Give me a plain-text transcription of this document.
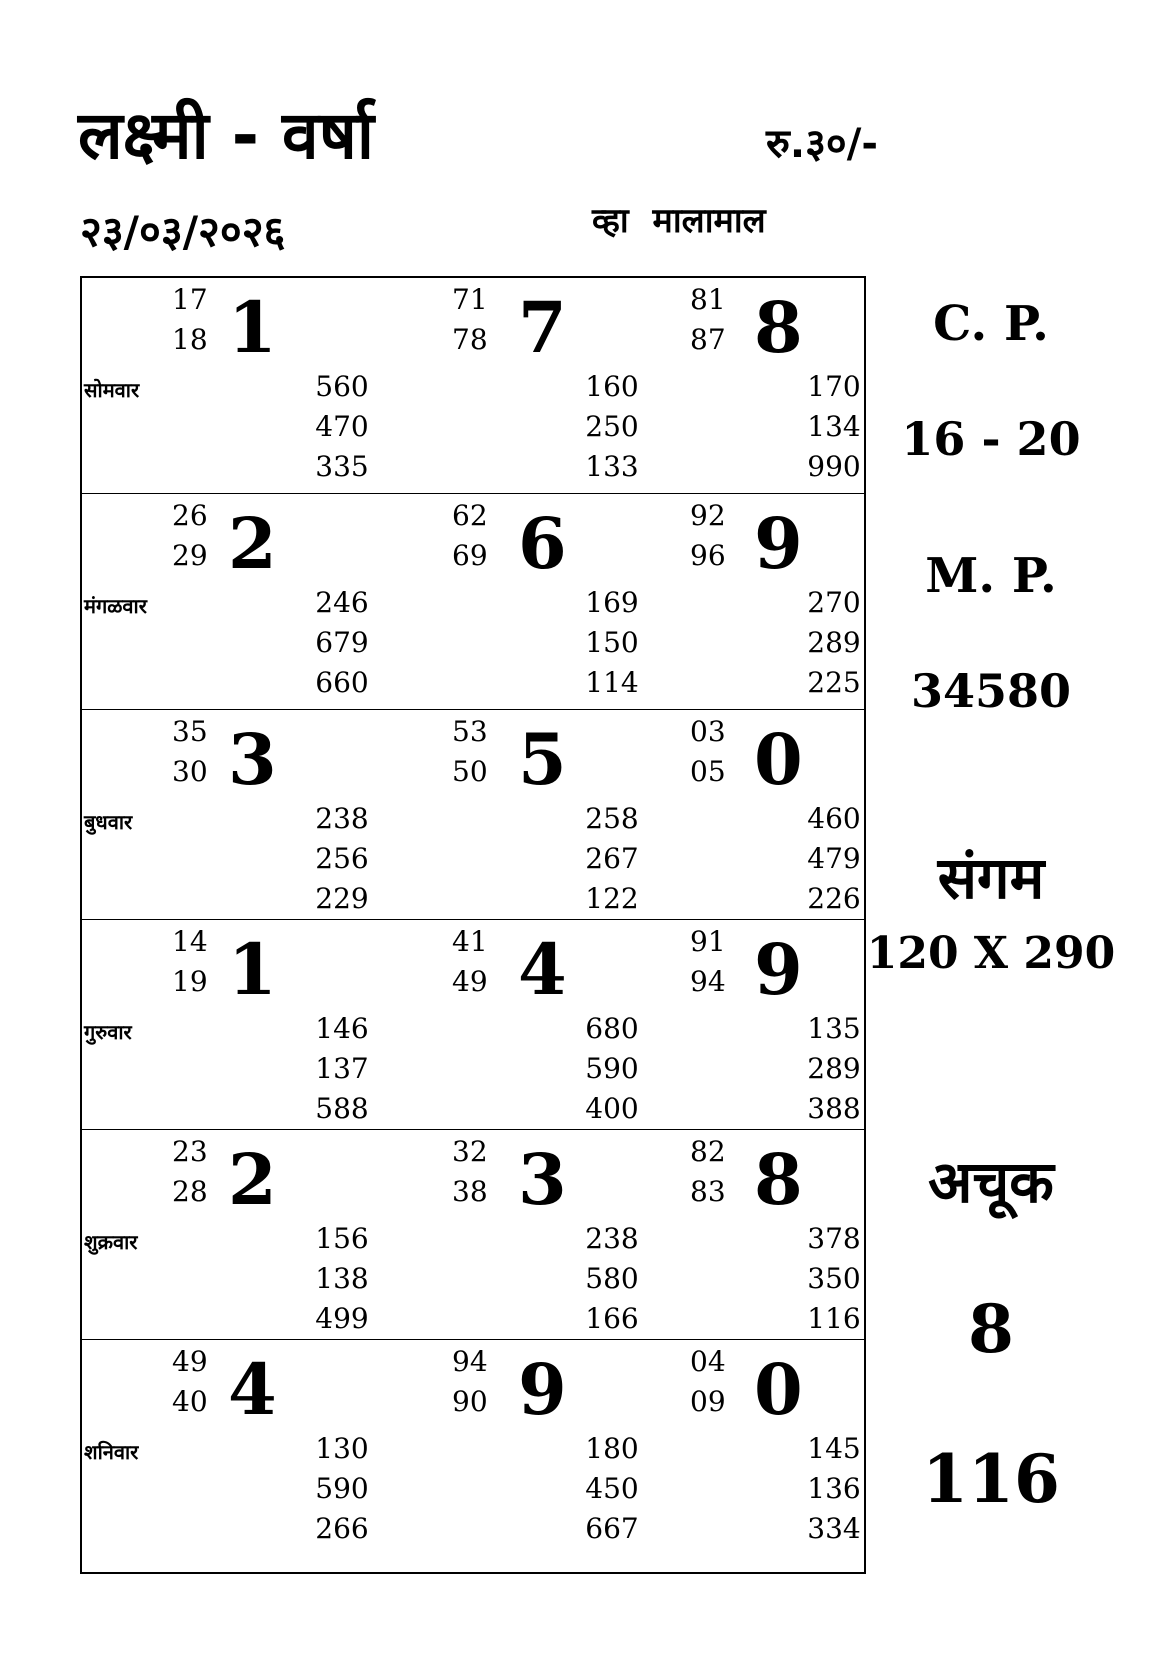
लक्ष्मी - वर्षा	रु.३०/-
२३/०३/२०२६	व्हा मालामाल
सोमवार
17
18 1
560
470
335
71
78 7
160
250
133
81
87 8
170
134
990
मंगळवार
26
29 2
246
679
660
62
69 6
169
150
114
92
96 9
270
289
225
बुधवार
35
30 3
238
256
229
53
50 5
258
267
122
03
05 0
460
479
226
गुरुवार
14
19 1
146
137
588
41
49 4
680
590
400
91
94 9
135
289
388
शुक्रवार
23
28 2
156
138
499
32
38 3
238
580
166
82
83 8
378
350
116
शनिवार
49
40 4
130
590
266
94
90 9
180
450
667
04
09 0
145
136
334
C. P.
16 - 20
M. P.
34580
संगम
120 X 290
अचूक
8
116
